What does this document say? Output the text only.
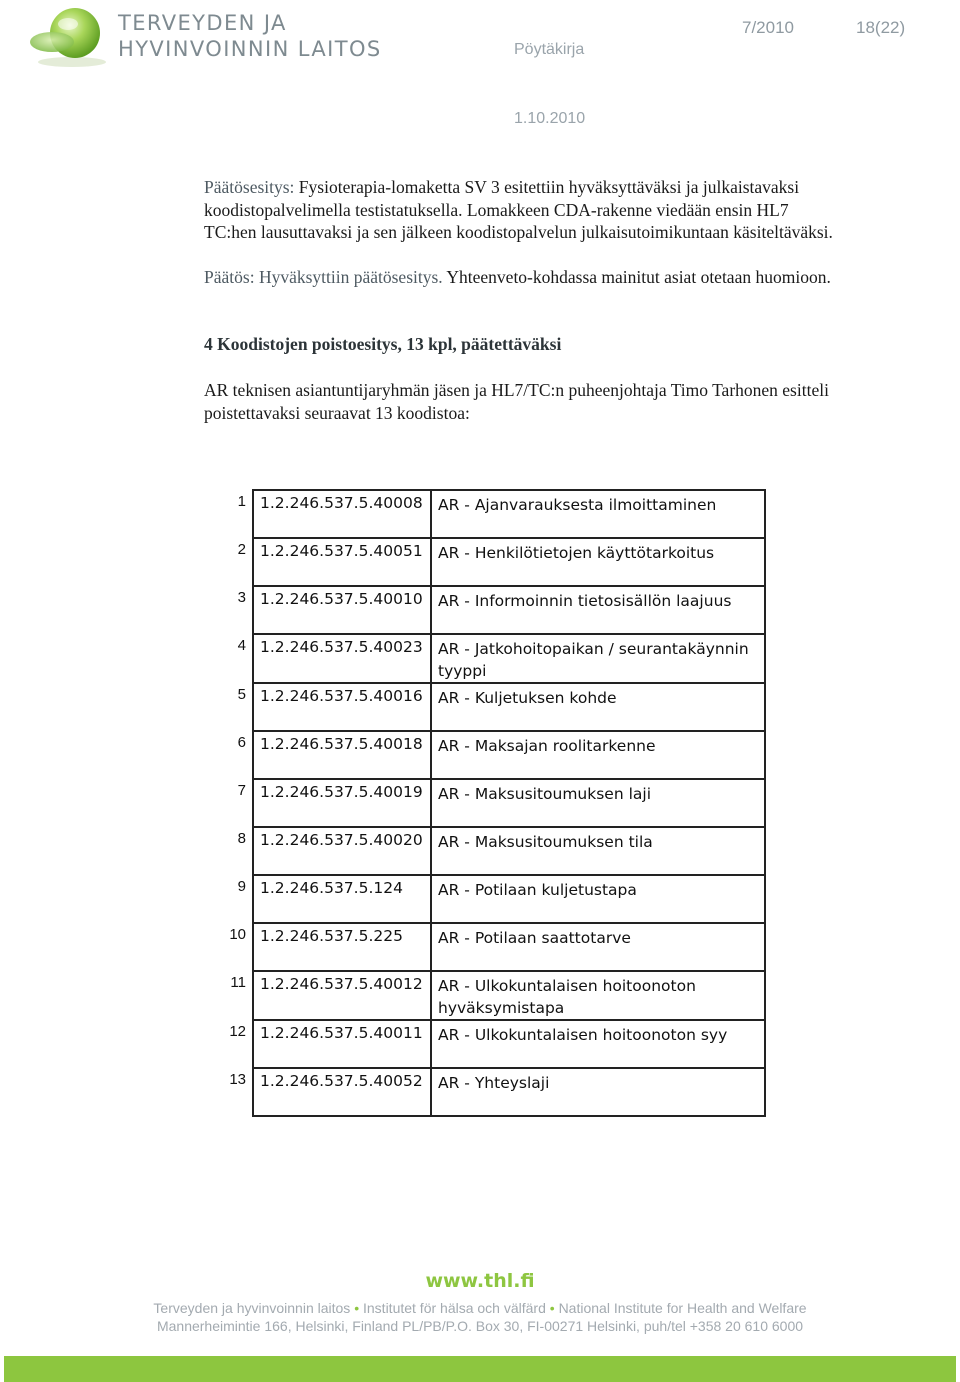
TERVEYDEN JA
HYVINVOINNIN LAITOS	Pöytäkirja
7/2010	18(22)
1.10.2010
Päätösesitys: Fysioterapia-lomaketta SV 3 esitettiin hyväksyttäväksi ja julkaistavaksi
koodistopalvelimella testistatuksella. Lomakkeen CDA-rakenne viedään ensin HL7
TC:hen lausuttavaksi ja sen jälkeen koodistopalvelun julkaisutoimikuntaan käsiteltäväksi.
Päätös: Hyväksyttiin päätösesitys. Yhteenveto-kohdassa mainitut asiat otetaan huomioon.
4 Koodistojen poistoesitys, 13 kpl, päätettäväksi
AR teknisen asiantuntijaryhmän jäsen ja HL7/TC:n puheenjohtaja Timo Tarhonen esitteli
poistettavaksi seuraavat 13 koodistoa:
1	1.2.246.537.5.40008	AR - Ajanvarauksesta ilmoittaminen
2	1.2.246.537.5.40051	AR - Henkilötietojen käyttötarkoitus
3	1.2.246.537.5.40010	AR - Informoinnin tietosisällön laajuus
4	1.2.246.537.5.40023	AR - Jatkohoitopaikan / seurantakäynnin tyyppi
5	1.2.246.537.5.40016	AR - Kuljetuksen kohde
6	1.2.246.537.5.40018	AR - Maksajan roolitarkenne
7	1.2.246.537.5.40019	AR - Maksusitoumuksen laji
8	1.2.246.537.5.40020	AR - Maksusitoumuksen tila
9	1.2.246.537.5.124	AR - Potilaan kuljetustapa
10	1.2.246.537.5.225	AR - Potilaan saattotarve
11	1.2.246.537.5.40012	AR - Ulkokuntalaisen hoitoonoton hyväksymistapa
12	1.2.246.537.5.40011	AR - Ulkokuntalaisen hoitoonoton syy
13	1.2.246.537.5.40052	AR - Yhteyslaji
www.thl.fi
Terveyden ja hyvinvoinnin laitos • Institutet för hälsa och välfärd • National Institute for Health and Welfare
Mannerheimintie 166, Helsinki, Finland PL/PB/P.O. Box 30, FI-00271 Helsinki, puh/tel +358 20 610 6000
